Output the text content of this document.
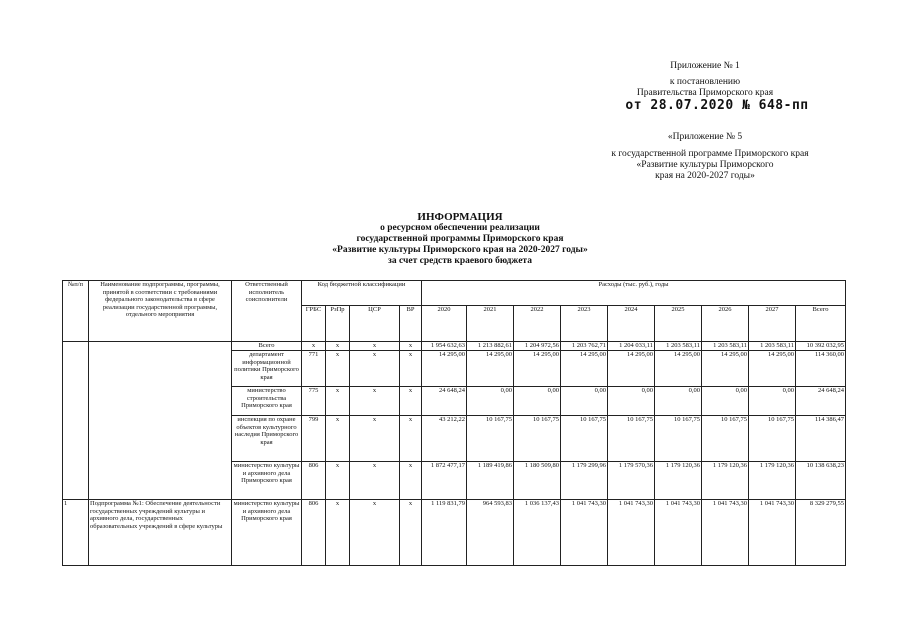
Приложение № 1
к постановлению
Правительства Приморского края
от 28.07.2020 № 648-пп
«Приложение № 5
к государственной программе Приморского края
«Развитие культуры Приморского
края на 2020-2027 годы»
ИНФОРМАЦИЯ
о ресурсном обеспечении реализации
государственной программы Приморского края
«Развитие культуры Приморского края на 2020-2027 годы»
за счет средств краевого бюджета
№п/п	Наименование подпрограммы, программы, принятой в соответствии с требованиями федерального законодательства в сфере реализации государственной программы, отдельного мероприятия	Ответственный исполнитель соисполнители	Код бюджетной классификации				Расходы (тыс. руб.), годы								
			ГРБС	РзПр	ЦСР	ВР	2020	2021	2022	2023	2024	2025	2026	2027	Всего
		Всего	x	x	x	x	1 954 632,63	1 213 882,61	1 204 972,56	1 203 762,71	1 204 033,11	1 203 583,11	1 203 583,11	1 203 583,11	10 392 032,95
		департамент информационной политики Приморского края	771	x	x	x	14 295,00	14 295,00	14 295,00	14 295,00	14 295,00	14 295,00	14 295,00	14 295,00	114 360,00
		министерство строительства Приморского края	775	x	x	x	24 648,24	0,00	0,00	0,00	0,00	0,00	0,00	0,00	24 648,24
		инспекция по охране объектов культурного наследия Приморского края	799	x	x	x	43 212,22	10 167,75	10 167,75	10 167,75	10 167,75	10 167,75	10 167,75	10 167,75	114 386,47
		министерство культуры и архивного дела Приморского края	806	x	x	x	1 872 477,17	1 189 419,86	1 180 509,80	1 179 299,96	1 179 570,36	1 179 120,36	1 179 120,36	1 179 120,36	10 138 638,23
1	Подпрограмма №1: Обеспечение деятельности государственных учреждений культуры и архивного дела, государственных образовательных учреждений в сфере культуры	министерство культуры и архивного дела Приморского края	806	x	x	x	1 119 831,79	964 593,83	1 036 137,43	1 041 743,30	1 041 743,30	1 041 743,30	1 041 743,30	1 041 743,30	8 329 279,55
